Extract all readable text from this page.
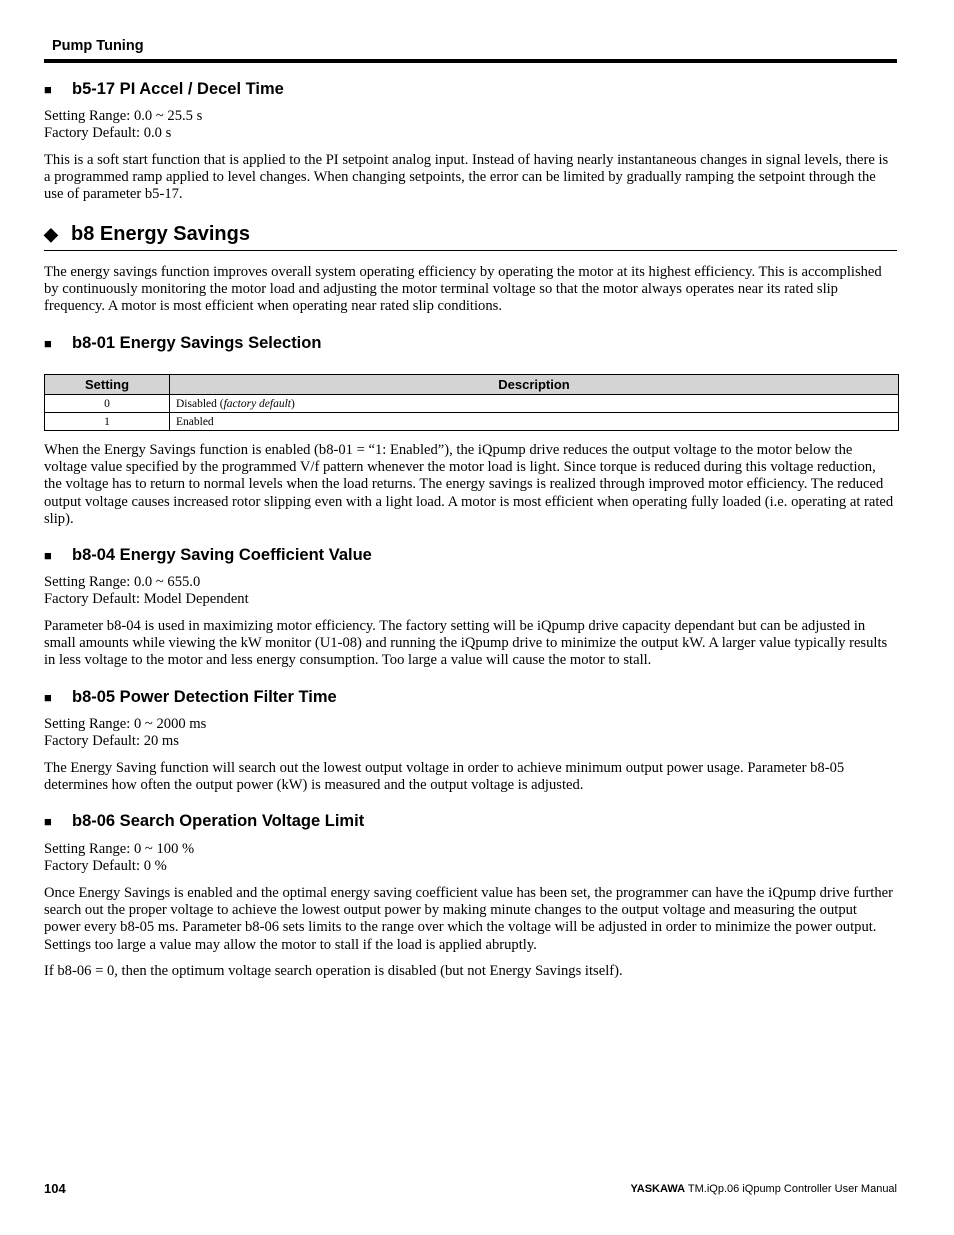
Pump Tuning
■ b5-17 PI Accel / Decel Time
Setting Range: 0.0 ~ 25.5 s
Factory Default: 0.0 s
This is a soft start function that is applied to the PI setpoint analog input. Instead of having nearly instantaneous changes in signal levels, there is a programmed ramp applied to level changes. When changing setpoints, the error can be limited by gradually ramping the setpoint through the use of parameter b5-17.
◆ b8 Energy Savings
The energy savings function improves overall system operating efficiency by operating the motor at its highest efficiency. This is accomplished by continuously monitoring the motor load and adjusting the motor terminal voltage so that the motor always operates near its rated slip frequency. A motor is most efficient when operating near rated slip conditions.
■ b8-01 Energy Savings Selection
Setting	Description
0	Disabled (factory default)
1	Enabled
When the Energy Savings function is enabled (b8-01 = “1: Enabled”), the iQpump drive reduces the output voltage to the motor below the voltage value specified by the programmed V/f pattern whenever the motor load is light. Since torque is reduced during this voltage reduction, the voltage has to return to normal levels when the load returns. The energy savings is realized through improved motor efficiency. The reduced output voltage causes increased rotor slipping even with a light load. A motor is most efficient when operating fully loaded (i.e. operating at rated slip).
■ b8-04 Energy Saving Coefficient Value
Setting Range: 0.0 ~ 655.0
Factory Default: Model Dependent
Parameter b8-04 is used in maximizing motor efficiency. The factory setting will be iQpump drive capacity dependant but can be adjusted in small amounts while viewing the kW monitor (U1-08) and running the iQpump drive to minimize the output kW. A larger value typically results in less voltage to the motor and less energy consumption. Too large a value will cause the motor to stall.
■ b8-05 Power Detection Filter Time
Setting Range: 0 ~ 2000 ms
Factory Default: 20 ms
The Energy Saving function will search out the lowest output voltage in order to achieve minimum output power usage. Parameter b8-05 determines how often the output power (kW) is measured and the output voltage is adjusted.
■ b8-06 Search Operation Voltage Limit
Setting Range: 0 ~ 100 %
Factory Default: 0 %
Once Energy Savings is enabled and the optimal energy saving coefficient value has been set, the programmer can have the iQpump drive further search out the proper voltage to achieve the lowest output power by making minute changes to the output voltage and measuring the output power every b8-05 ms. Parameter b8-06 sets limits to the range over which the voltage will be adjusted in order to minimize the power output. Settings too large a value may allow the motor to stall if the load is applied abruptly.
If b8-06 = 0, then the optimum voltage search operation is disabled (but not Energy Savings itself).
104	YASKAWA TM.iQp.06 iQpump Controller User Manual
